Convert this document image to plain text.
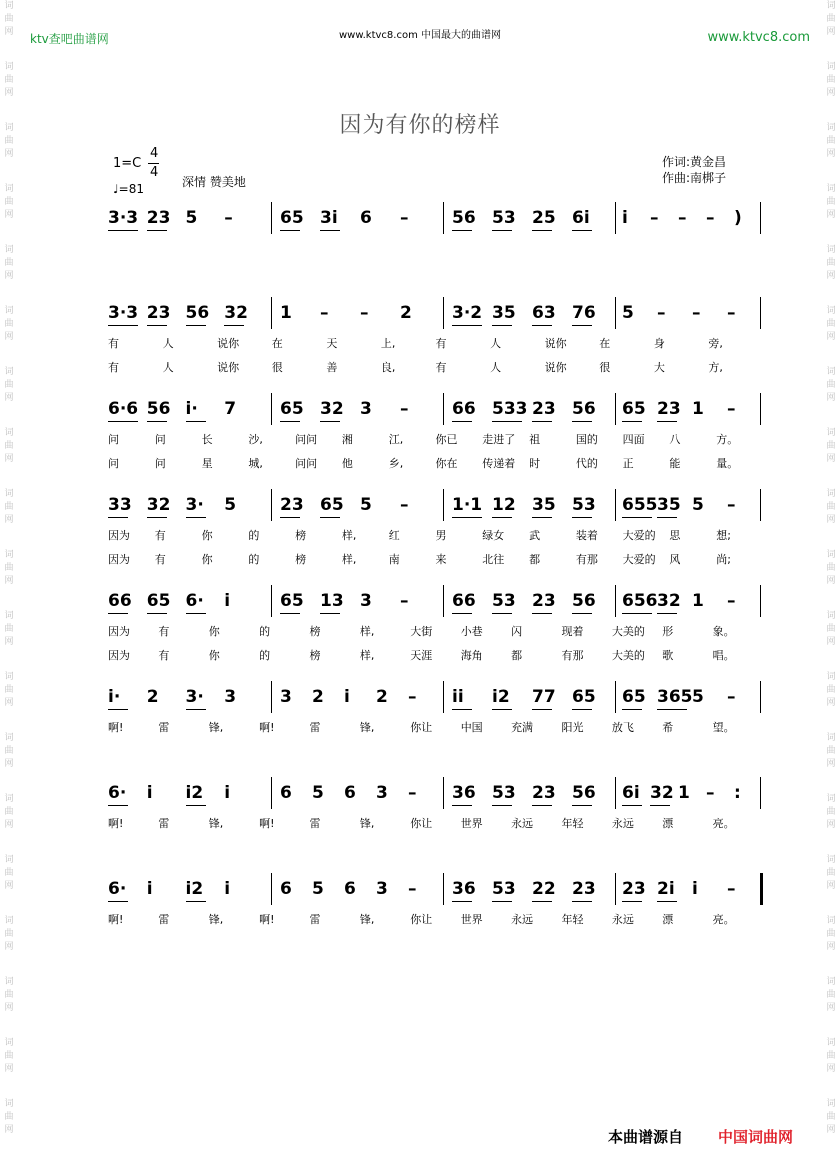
词
曲
网
词
曲
网
词
曲
网
词
曲
网
词
曲
网
词
曲
网
词
曲
网
词
曲
网
词
曲
网
词
曲
网
词
曲
网
词
曲
网
词
曲
网
词
曲
网
词
曲
网
词
曲
网
词
曲
网
词
曲
网
词
曲
网
词
曲
网
词
曲
网
词
曲
网
词
曲
网
词
曲
网
词
曲
网
词
曲
网
词
曲
网
词
曲
网
词
曲
网
词
曲
网
词
曲
网
词
曲
网
词
曲
网
词
曲
网
词
曲
网
词
曲
网
词
曲
网
词
曲
网
ktv查吧曲谱网	www.ktvc8.com 中国最大的曲谱网	www.ktvc8.com
因为有你的榜样
1=C
4
4
♩=81	深情 赞美地
作词:黄金昌
作曲:南梆子
3·3 23 5 –	65 3i 6 –	56 53 25 6i i – – – )
3·3 23 56 32 1 – – 2 3·2 35 63 76 5 – – –
有	人	说你	在	天	上,	有	人	说你	在	身	旁,
有	人	说你	很	善	良,	有	人	说你	很	大	方,
6·6 56 i· 7	65 32 3 –	66 533 23 56 65 23 1 –
问	问	长	沙,	问问 湘	江,	你已 走进了 祖	国的 四面 八	方。
问	问	星	城,	问问 他	乡,	你在 传递着 时	代的 正	能	量。
33 32 3· 5	23 65 5 –	1·1 12 35 53 655 35 5 –
因为 有	你	的	榜	样,	红	男	绿女 武	装着 大爱的 思	想;
因为 有	你	的	榜	样,	南	来	北往 都	有那 大爱的 风	尚;
66 65 6· i	65 13 3 –	66 53 23 56 656 32 1 –
因为	有	你	的	榜	样,	大街	小巷	闪	现着	大美的 形	象。
因为	有	你	的	榜	样,	天涯	海角	都	有那	大美的 歌	唱。
i· 2 3· 3	3 2 i 2 – ii i2 77 65 65 365 5 –
啊!	雷	锋,	啊!	雷	锋,	你让	中国	充满	阳光	放飞	希	望。
6· i i2 i	6 5 6 3 – 36 53 23 56 6i 32 1 – :
啊!	雷	锋,	啊!	雷	锋,	你让	世界	永远	年轻	永远	漂	亮。
6· i i2 i	6 5 6 3 – 36 53 22 23 23 2i i –
啊!	雷	锋,	啊!	雷	锋,	你让	世界	永远	年轻	永远	漂	亮。
本曲谱源自 中国词曲网
